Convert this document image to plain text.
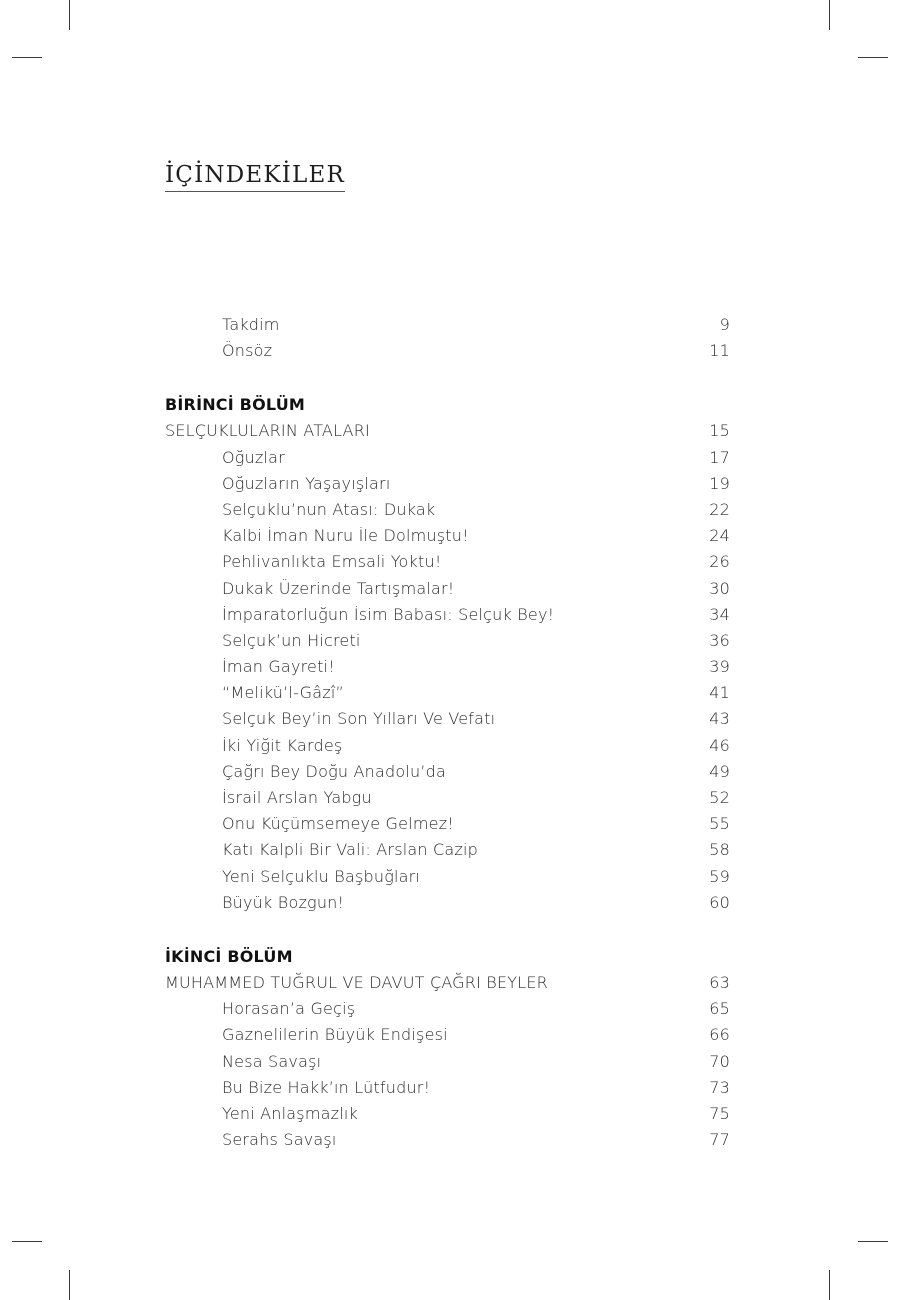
İÇİNDEKİLER
Takdim	9
Önsöz	11
BİRİNCİ BÖLÜM
SELÇUKLULARIN ATALARI	15
Oğuzlar	17
Oğuzların Yaşayışları	19
Selçuklu’nun Atası: Dukak	22
Kalbi İman Nuru İle Dolmuştu!	24
Pehlivanlıkta Emsali Yoktu!	26
Dukak Üzerinde Tartışmalar!	30
İmparatorluğun İsim Babası: Selçuk Bey!	34
Selçuk’un Hicreti	36
İman Gayreti!	39
“Melikü’l-Gâzî”	41
Selçuk Bey’in Son Yılları Ve Vefatı	43
İki Yiğit Kardeş	46
Çağrı Bey Doğu Anadolu’da	49
İsrail Arslan Yabgu	52
Onu Küçümsemeye Gelmez!	55
Katı Kalpli Bir Vali: Arslan Cazip	58
Yeni Selçuklu Başbuğları	59
Büyük Bozgun!	60
İKİNCİ BÖLÜM
MUHAMMED TUĞRUL VE DAVUT ÇAĞRI BEYLER	63
Horasan’a Geçiş	65
Gaznelilerin Büyük Endişesi	66
Nesa Savaşı	70
Bu Bize Hakk’ın Lütfudur!	73
Yeni Anlaşmazlık	75
Serahs Savaşı	77
